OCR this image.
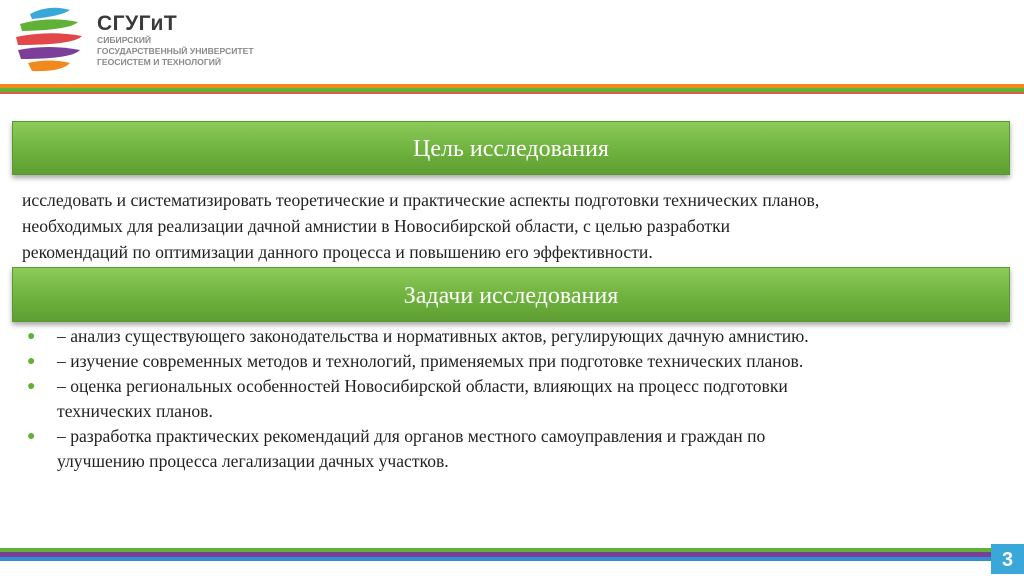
СГУГиТ
СИБИРСКИЙ
ГОСУДАРСТВЕННЫЙ УНИВЕРСИТЕТ
ГЕОСИСТЕМ И ТЕХНОЛОГИЙ
Цель исследования
исследовать и систематизировать теоретические и практические аспекты подготовки технических планов,
необходимых для реализации дачной амнистии в Новосибирской области, с целью разработки
рекомендаций по оптимизации данного процесса и повышению его эффективности.
Задачи исследования
● – анализ существующего законодательства и нормативных актов, регулирующих дачную амнистию.
● – изучение современных методов и технологий, применяемых при подготовке технических планов.
● – оценка региональных особенностей Новосибирской области, влияющих на процесс подготовки
технических планов.
● – разработка практических рекомендаций для органов местного самоуправления и граждан по
улучшению процесса легализации дачных участков.
3
